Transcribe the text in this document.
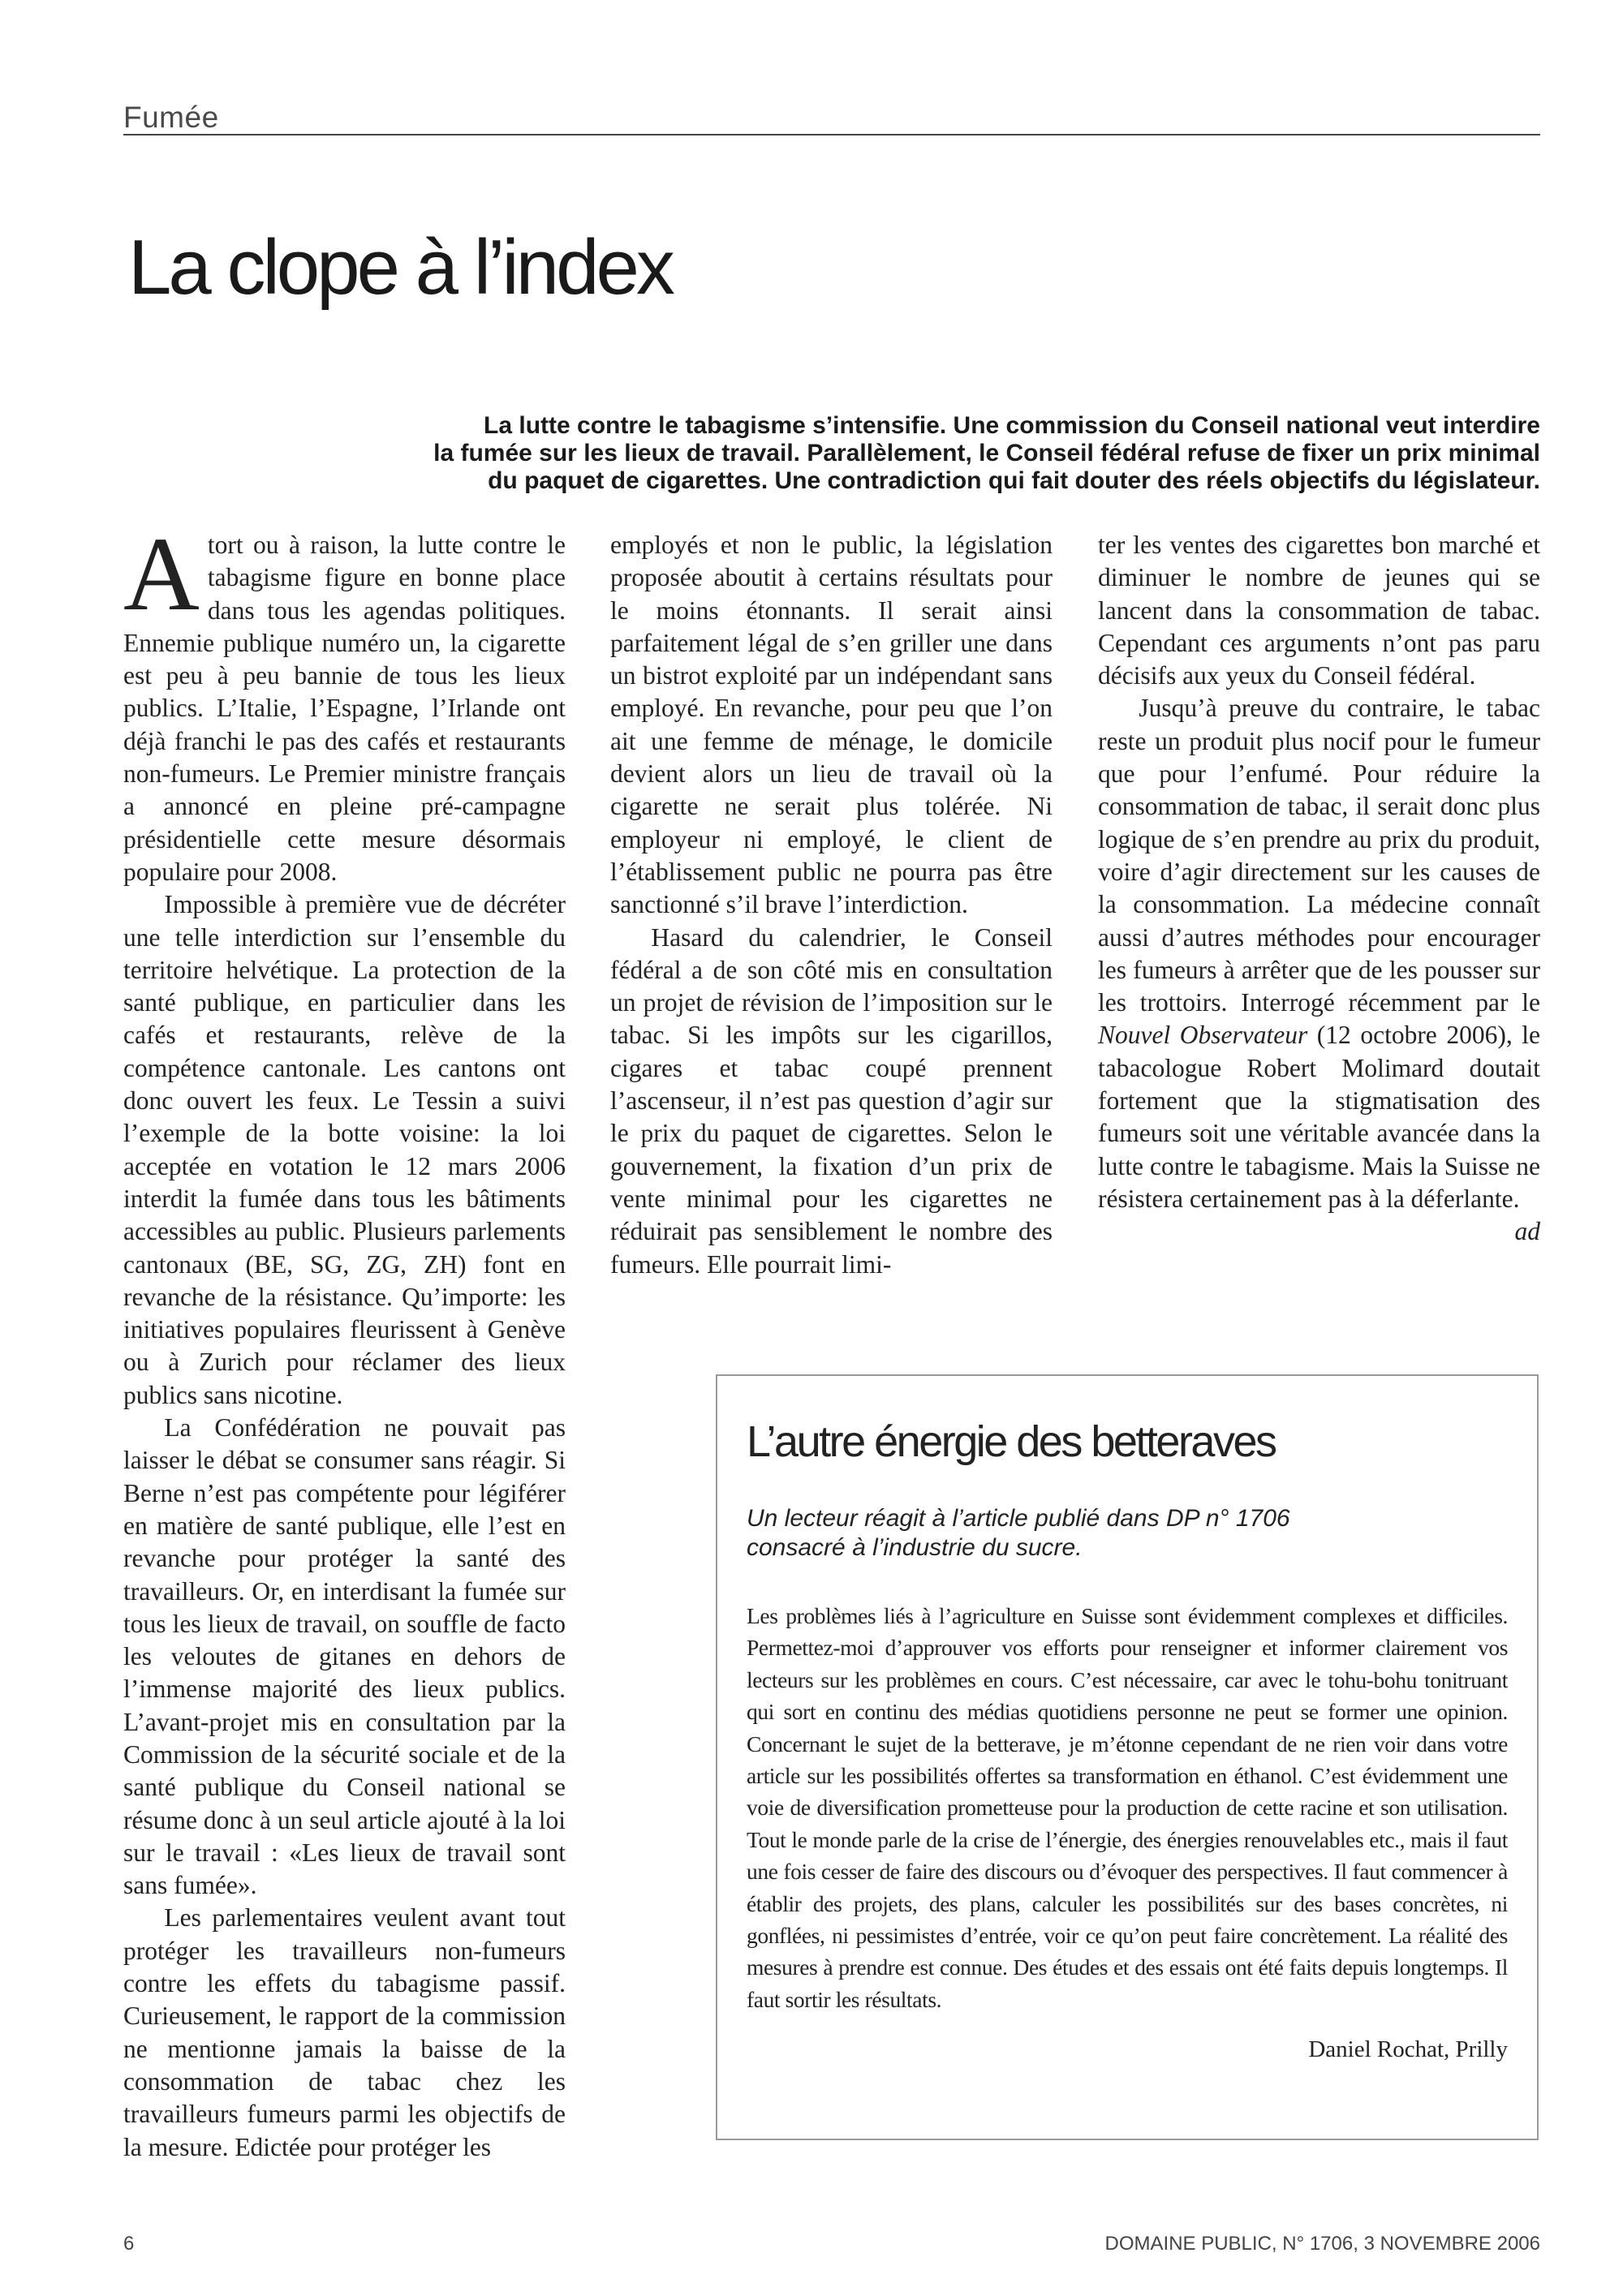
Fumée
La clope à l’index

La lutte contre le tabagisme s’intensifie. Une commission du Conseil national veut interdire
la fumée sur les lieux de travail. Parallèlement, le Conseil fédéral refuse de fixer un prix minimal
du paquet de cigarettes. Une contradiction qui fait douter des réels objectifs du législateur.

A tort ou à raison, la lutte contre le tabagisme figure en bonne place dans tous les agendas politiques. Ennemie publique numéro un, la cigarette est peu à peu bannie de tous les lieux publics. L’Italie, l’Espagne, l’Irlande ont déjà franchi le pas des cafés et restaurants non-fumeurs. Le Premier ministre français a annoncé en pleine pré-campagne présidentielle cette mesure désormais populaire pour 2008.

Impossible à première vue de décréter une telle interdiction sur l’ensemble du territoire helvétique. La protection de la santé publique, en particulier dans les cafés et restaurants, relève de la compétence cantonale. Les cantons ont donc ouvert les feux. Le Tessin a suivi l’exemple de la botte voisine: la loi acceptée en votation le 12 mars 2006 interdit la fumée dans tous les bâtiments accessibles au public. Plusieurs parlements cantonaux (BE, SG, ZG, ZH) font en revanche de la résistance. Qu’importe: les initiatives populaires fleurissent à Genève ou à Zurich pour réclamer des lieux publics sans nicotine.

La Confédération ne pouvait pas laisser le débat se consumer sans réagir. Si Berne n’est pas compétente pour légiférer en matière de santé publique, elle l’est en revanche pour protéger la santé des travailleurs. Or, en interdisant la fumée sur tous les lieux de travail, on souffle de facto les veloutes de gitanes en dehors de l’immense majorité des lieux publics. L’avant-projet mis en consultation par la Commission de la sécurité sociale et de la santé publique du Conseil national se résume donc à un seul article ajouté à la loi sur le travail : «Les lieux de travail sont sans fumée».

Les parlementaires veulent avant tout protéger les travailleurs non-fumeurs contre les effets du tabagisme passif. Curieusement, le rapport de la commission ne mentionne jamais la baisse de la consommation de tabac chez les travailleurs fumeurs parmi les objectifs de la mesure. Edictée pour protéger les

employés et non le public, la législation proposée aboutit à certains résultats pour le moins étonnants. Il serait ainsi parfaitement légal de s’en griller une dans un bistrot exploité par un indépendant sans employé. En revanche, pour peu que l’on ait une femme de ménage, le domicile devient alors un lieu de travail où la cigarette ne serait plus tolérée. Ni employeur ni employé, le client de l’établissement public ne pourra pas être sanctionné s’il brave l’interdiction.

Hasard du calendrier, le Conseil fédéral a de son côté mis en consultation un projet de révision de l’imposition sur le tabac. Si les impôts sur les cigarillos, cigares et tabac coupé prennent l’ascenseur, il n’est pas question d’agir sur le prix du paquet de cigarettes. Selon le gouvernement, la fixation d’un prix de vente minimal pour les cigarettes ne réduirait pas sensiblement le nombre des fumeurs. Elle pourrait limi-

ter les ventes des cigarettes bon marché et diminuer le nombre de jeunes qui se lancent dans la consommation de tabac. Cependant ces arguments n’ont pas paru décisifs aux yeux du Conseil fédéral.

Jusqu’à preuve du contraire, le tabac reste un produit plus nocif pour le fumeur que pour l’enfumé. Pour réduire la consommation de tabac, il serait donc plus logique de s’en prendre au prix du produit, voire d’agir directement sur les causes de la consommation. La médecine connaît aussi d’autres méthodes pour encourager les fumeurs à arrêter que de les pousser sur les trottoirs. Interrogé récemment par le Nouvel Observateur (12 octobre 2006), le tabacologue Robert Molimard doutait fortement que la stigmatisation des fumeurs soit une véritable avancée dans la lutte contre le tabagisme. Mais la Suisse ne résistera certainement pas à la déferlante.
ad

L’autre énergie des betteraves

Un lecteur réagit à l’article publié dans DP n° 1706
consacré à l’industrie du sucre.

Les problèmes liés à l’agriculture en Suisse sont évidemment complexes et difficiles. Permettez-moi d’approuver vos efforts pour renseigner et informer clairement vos lecteurs sur les problèmes en cours. C’est nécessaire, car avec le tohu-bohu tonitruant qui sort en continu des médias quotidiens personne ne peut se former une opinion. Concernant le sujet de la betterave, je m’étonne cependant de ne rien voir dans votre article sur les possibilités offertes sa transformation en éthanol. C’est évidemment une voie de diversification prometteuse pour la production de cette racine et son utilisation. Tout le monde parle de la crise de l’énergie, des énergies renouvelables etc., mais il faut une fois cesser de faire des discours ou d’évoquer des perspectives. Il faut commencer à établir des projets, des plans, calculer les possibilités sur des bases concrètes, ni gonflées, ni pessimistes d’entrée, voir ce qu’on peut faire concrètement. La réalité des mesures à prendre est connue. Des études et des essais ont été faits depuis longtemps. Il faut sortir les résultats.

Daniel Rochat, Prilly

6	DOMAINE PUBLIC, N° 1706, 3 NOVEMBRE 2006
